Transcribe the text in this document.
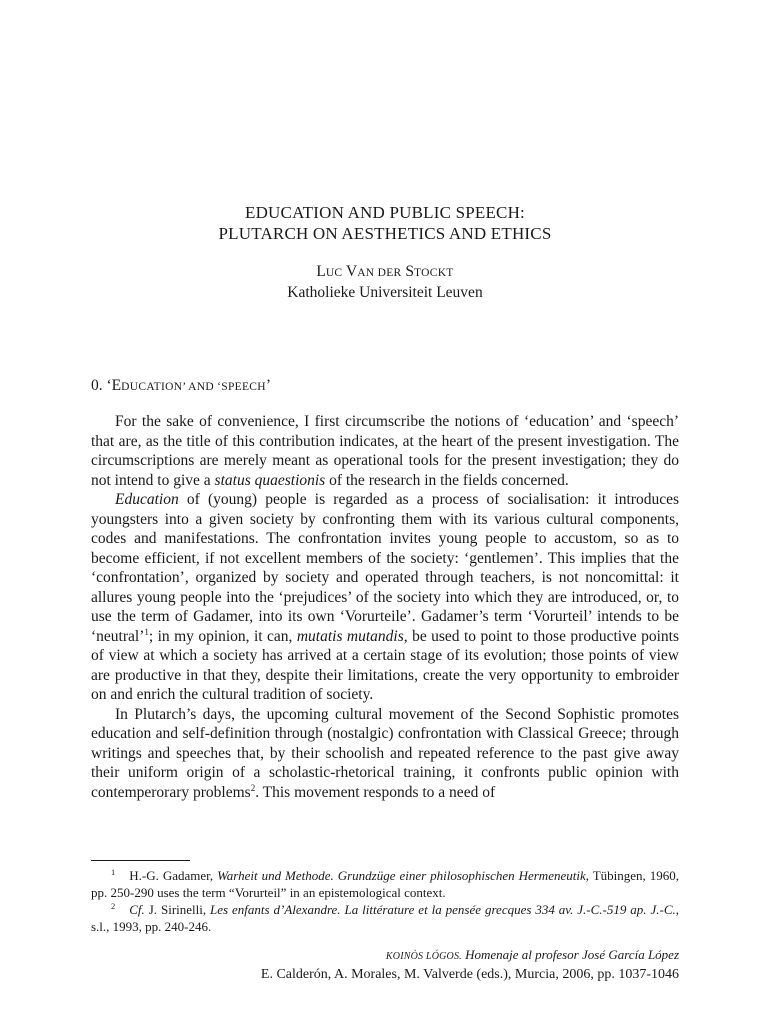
EDUCATION AND PUBLIC SPEECH:
PLUTARCH ON AESTHETICS AND ETHICS
LUC VAN DER STOCKT
Katholieke Universiteit Leuven
0. ‘EDUCATION’ AND ‘SPEECH’

For the sake of convenience, I first circumscribe the notions of ‘education’ and ‘speech’ that are, as the title of this contribution indicates, at the heart of the present investigation. The circumscriptions are merely meant as operational tools for the present investigation; they do not intend to give a status quaestionis of the research in the fields concerned.

Education of (young) people is regarded as a process of socialisation: it introduces youngsters into a given society by confronting them with its various cultural components, codes and manifestations. The confrontation invites young people to accustom, so as to become efficient, if not excellent members of the society: ‘gentlemen’. This implies that the ‘confrontation’, organized by society and operated through teachers, is not noncomittal: it allures young people into the ‘prejudices’ of the society into which they are introduced, or, to use the term of Gadamer, into its own ‘Vorurteile’. Gadamer’s term ‘Vorurteil’ intends to be ‘neutral’$^1$; in my opinion, it can, mutatis mutandis, be used to point to those productive points of view at which a society has arrived at a certain stage of its evolution; those points of view are productive in that they, despite their limitations, create the very opportunity to embroider on and enrich the cultural tradition of society.

In Plutarch’s days, the upcoming cultural movement of the Second Sophistic promotes education and self-definition through (nostalgic) confrontation with Classical Greece; through writings and speeches that, by their schoolish and repeated reference to the past give away their uniform origin of a scholastic-rhetorical training, it confronts public opinion with contemperorary problems$^2$. This movement responds to a need of

$^1$ H.-G. Gadamer, Warheit und Methode. Grundzüge einer philosophischen Hermeneutik, Tübingen, 1960, pp. 250-290 uses the term “Vorurteil” in an epistemological context.

$^2$ Cf. J. Sirinelli, Les enfants d’Alexandre. La littérature et la pensée grecques 334 av. J.-C.-519 ap. J.-C., s.l., 1993, pp. 240-246.

KOINÒS LÓGOS. Homenaje al profesor José García López
E. Calderón, A. Morales, M. Valverde (eds.), Murcia, 2006, pp. 1037-1046
